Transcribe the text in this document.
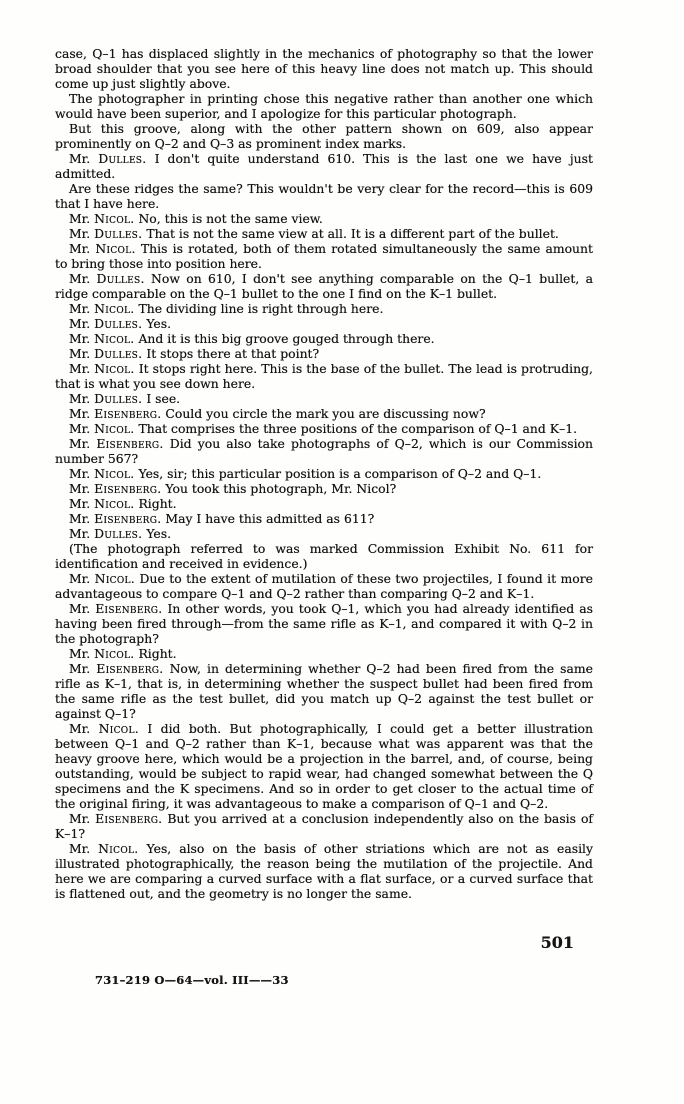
case, Q–1 has displaced slightly in the mechanics of photography so that the lower broad shoulder that you see here of this heavy line does not match up. This should come up just slightly above.

The photographer in printing chose this negative rather than another one which would have been superior, and I apologize for this particular photograph.

But this groove, along with the other pattern shown on 609, also appear prominently on Q–2 and Q–3 as prominent index marks.

Mr. Dulles. I don't quite understand 610. This is the last one we have just admitted.

Are these ridges the same? This wouldn't be very clear for the record—this is 609 that I have here.

Mr. Nicol. No, this is not the same view.

Mr. Dulles. That is not the same view at all. It is a different part of the bullet.

Mr. Nicol. This is rotated, both of them rotated simultaneously the same amount to bring those into position here.

Mr. Dulles. Now on 610, I don't see anything comparable on the Q–1 bullet, a ridge comparable on the Q–1 bullet to the one I find on the K–1 bullet.

Mr. Nicol. The dividing line is right through here.

Mr. Dulles. Yes.

Mr. Nicol. And it is this big groove gouged through there.

Mr. Dulles. It stops there at that point?

Mr. Nicol. It stops right here. This is the base of the bullet. The lead is protruding, that is what you see down here.

Mr. Dulles. I see.

Mr. Eisenberg. Could you circle the mark you are discussing now?

Mr. Nicol. That comprises the three positions of the comparison of Q–1 and K–1.

Mr. Eisenberg. Did you also take photographs of Q–2, which is our Commission number 567?

Mr. Nicol. Yes, sir; this particular position is a comparison of Q–2 and Q–1.

Mr. Eisenberg. You took this photograph, Mr. Nicol?

Mr. Nicol. Right.

Mr. Eisenberg. May I have this admitted as 611?

Mr. Dulles. Yes.

(The photograph referred to was marked Commission Exhibit No. 611 for identification and received in evidence.)

Mr. Nicol. Due to the extent of mutilation of these two projectiles, I found it more advantageous to compare Q–1 and Q–2 rather than comparing Q–2 and K–1.

Mr. Eisenberg. In other words, you took Q–1, which you had already identified as having been fired through—from the same rifle as K–1, and compared it with Q–2 in the photograph?

Mr. Nicol. Right.

Mr. Eisenberg. Now, in determining whether Q–2 had been fired from the same rifle as K–1, that is, in determining whether the suspect bullet had been fired from the same rifle as the test bullet, did you match up Q–2 against the test bullet or against Q–1?

Mr. Nicol. I did both. But photographically, I could get a better illustration between Q–1 and Q–2 rather than K–1, because what was apparent was that the heavy groove here, which would be a projection in the barrel, and, of course, being outstanding, would be subject to rapid wear, had changed somewhat between the Q specimens and the K specimens. And so in order to get closer to the actual time of the original firing, it was advantageous to make a comparison of Q–1 and Q–2.

Mr. Eisenberg. But you arrived at a conclusion independently also on the basis of K–1?

Mr. Nicol. Yes, also on the basis of other striations which are not as easily illustrated photographically, the reason being the mutilation of the projectile. And here we are comparing a curved surface with a flat surface, or a curved surface that is flattened out, and the geometry is no longer the same.

501
731–219 O—64—vol. III——33
